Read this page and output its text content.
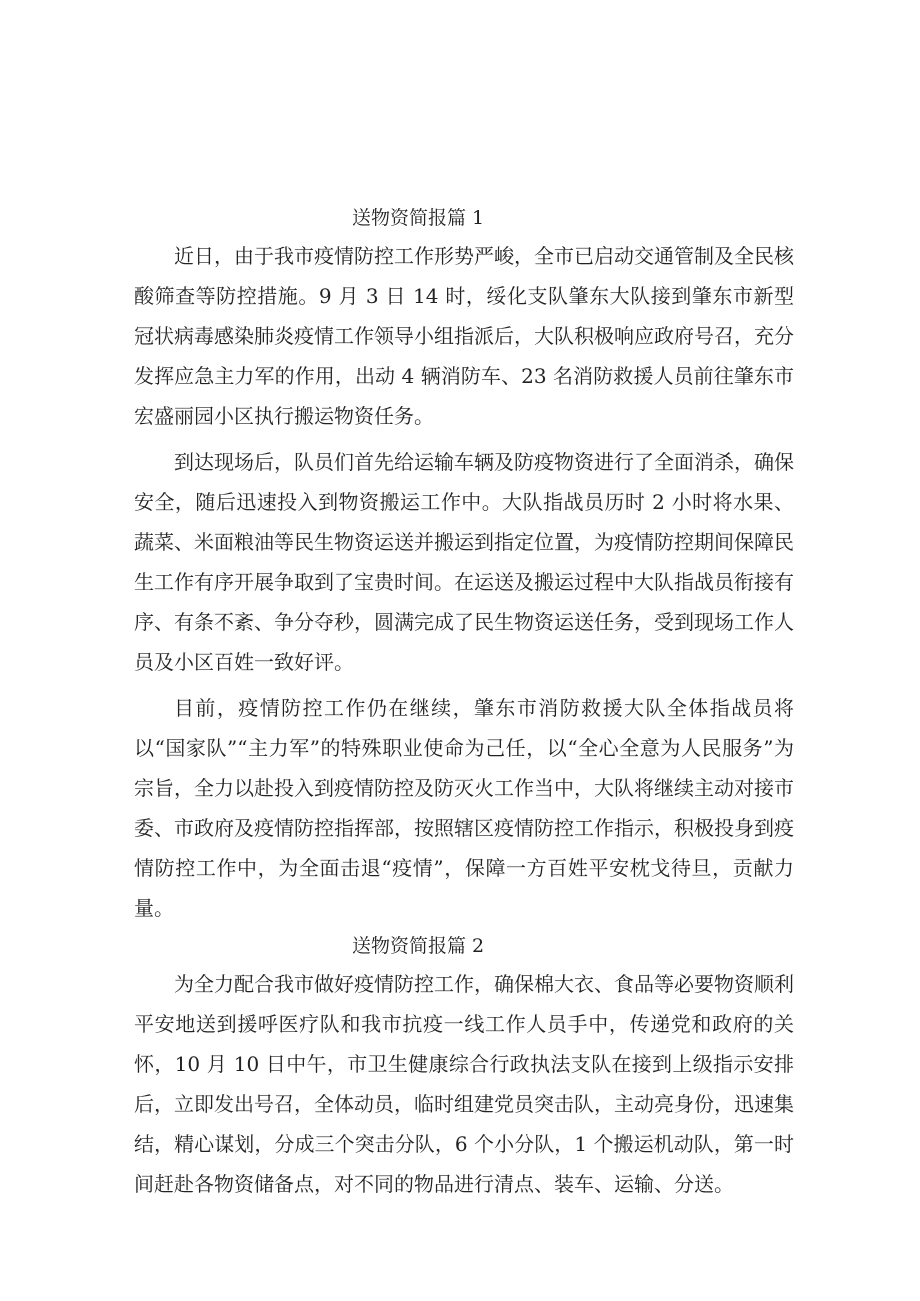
送物资简报篇 1

近日，由于我市疫情防控工作形势严峻，全市已启动交通管制及全民核酸筛查等防控措施。9 月 3 日 14 时，绥化支队肇东大队接到肇东市新型冠状病毒感染肺炎疫情工作领导小组指派后，大队积极响应政府号召，充分发挥应急主力军的作用，出动 4 辆消防车、23 名消防救援人员前往肇东市宏盛丽园小区执行搬运物资任务。

到达现场后，队员们首先给运输车辆及防疫物资进行了全面消杀，确保安全，随后迅速投入到物资搬运工作中。大队指战员历时 2 小时将水果、蔬菜、米面粮油等民生物资运送并搬运到指定位置，为疫情防控期间保障民生工作有序开展争取到了宝贵时间。在运送及搬运过程中大队指战员衔接有序、有条不紊、争分夺秒，圆满完成了民生物资运送任务，受到现场工作人员及小区百姓一致好评。

目前，疫情防控工作仍在继续，肇东市消防救援大队全体指战员将以“国家队”“主力军”的特殊职业使命为己任，以“全心全意为人民服务”为宗旨，全力以赴投入到疫情防控及防灭火工作当中，大队将继续主动对接市委、市政府及疫情防控指挥部，按照辖区疫情防控工作指示，积极投身到疫情防控工作中，为全面击退“疫情”，保障一方百姓平安枕戈待旦，贡献力量。

送物资简报篇 2

为全力配合我市做好疫情防控工作，确保棉大衣、食品等必要物资顺利平安地送到援呼医疗队和我市抗疫一线工作人员手中，传递党和政府的关怀，10 月 10 日中午，市卫生健康综合行政执法支队在接到上级指示安排后，立即发出号召，全体动员，临时组建党员突击队，主动亮身份，迅速集结，精心谋划，分成三个突击分队，6 个小分队，1 个搬运机动队，第一时间赶赴各物资储备点，对不同的物品进行清点、装车、运输、分送。
